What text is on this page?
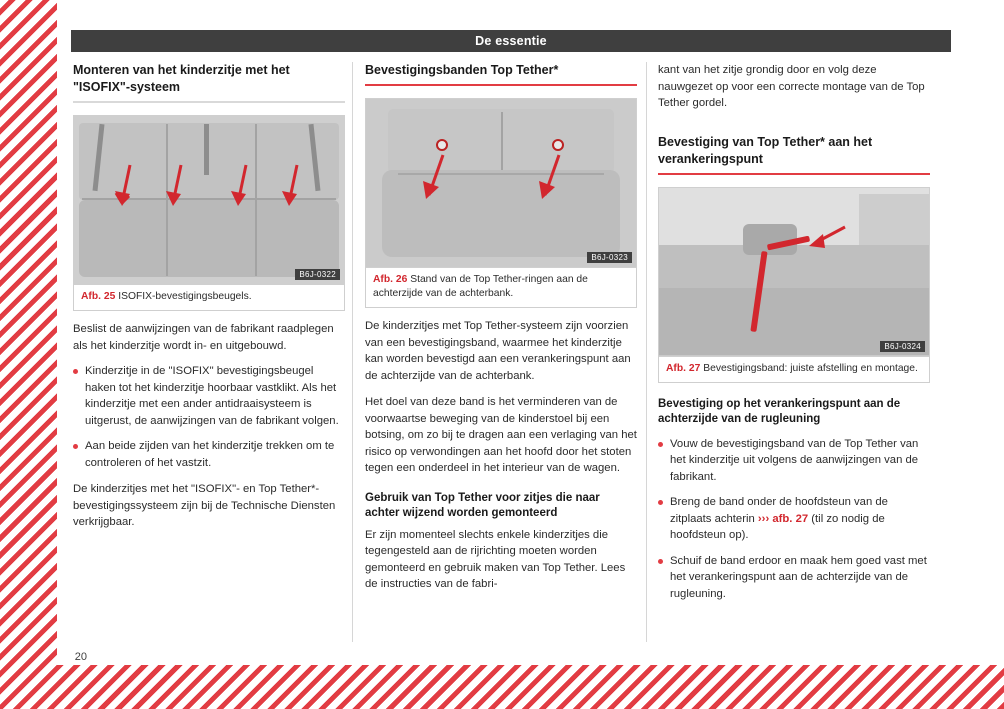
De essentie
20
Monteren van het kinderzitje met het "ISOFIX"-systeem
B6J-0322
Afb. 25 ISOFIX-bevestigingsbeugels.

Beslist de aanwijzingen van de fabrikant raadplegen als het kinderzitje wordt in- en uitgebouwd.

Kinderzitje in de "ISOFIX" bevestigingsbeugel haken tot het kinderzitje hoorbaar vastklikt. Als het kinderzitje met een ander antidraaisysteem is uitgerust, de aanwijzingen van de fabrikant volgen.
Aan beide zijden van het kinderzitje trekken om te controleren of het vastzit.

De kinderzitjes met het "ISOFIX"- en Top Tether*-bevestigingssysteem zijn bij de Technische Diensten verkrijgbaar.

Bevestigingsbanden Top Tether*
B6J-0323
Afb. 26 Stand van de Top Tether-ringen aan de achterzijde van de achterbank.

De kinderzitjes met Top Tether-systeem zijn voorzien van een bevestigingsband, waarmee het kinderzitje kan worden bevestigd aan een verankeringspunt aan de achterzijde van de achterbank.

Het doel van deze band is het verminderen van de voorwaartse beweging van de kinderstoel bij een botsing, om zo bij te dragen aan een verlaging van het risico op verwondingen aan het hoofd door het stoten tegen een onderdeel in het interieur van de wagen.

Gebruik van Top Tether voor zitjes die naar achter wijzend worden gemonteerd

Er zijn momenteel slechts enkele kinderzitjes die tegengesteld aan de rijrichting moeten worden gemonteerd en gebruik maken van Top Tether. Lees de instructies van de fabri-

kant van het zitje grondig door en volg deze nauwgezet op voor een correcte montage van de Top Tether gordel.

Bevestiging van Top Tether* aan het verankeringspunt
B6J-0324
Afb. 27 Bevestigingsband: juiste afstelling en montage.
Bevestiging op het verankeringspunt aan de achterzijde van de rugleuning
Vouw de bevestigingsband van de Top Tether van het kinderzitje uit volgens de aanwijzingen van de fabrikant.
Breng de band onder de hoofdsteun van de zitplaats achterin ››› afb. 27 (til zo nodig de hoofdsteun op).
Schuif de band erdoor en maak hem goed vast met het verankeringspunt aan de achterzijde van de rugleuning.
